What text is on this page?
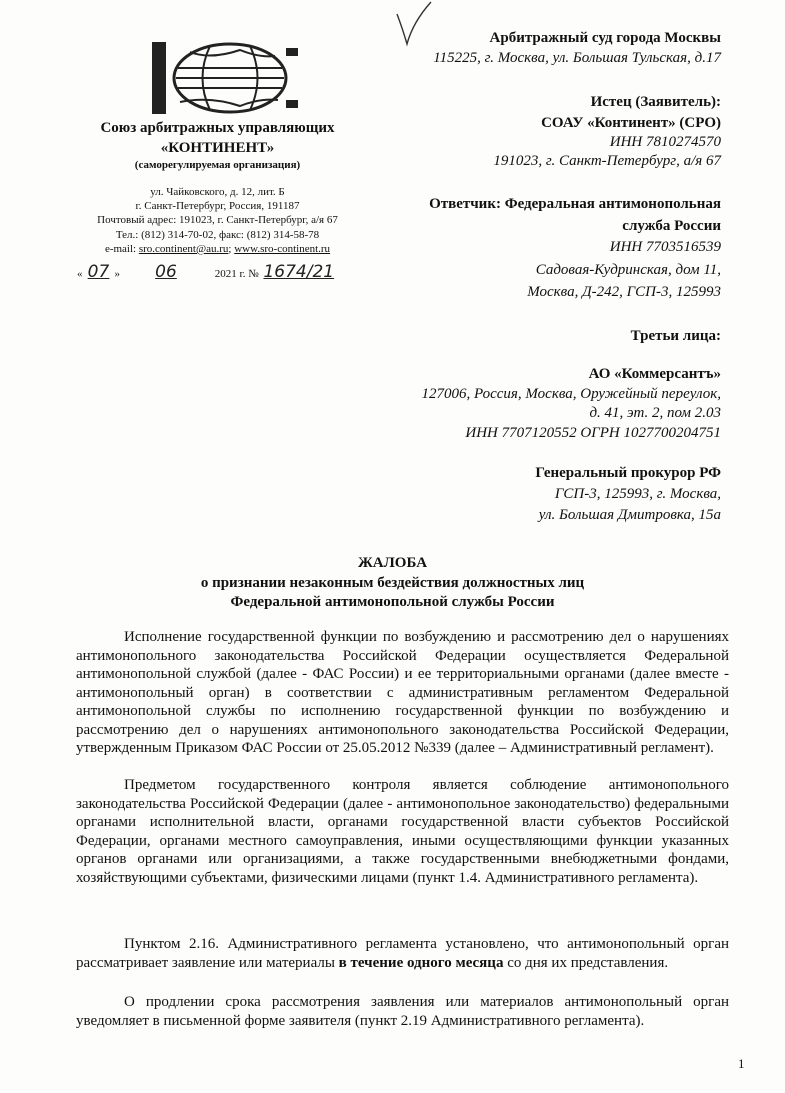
Союз арбитражных управляющих
«КОНТИНЕНТ»
(саморегулируемая организация)
ул. Чайковского, д. 12, лит. Б
г. Санкт-Петербург, Россия, 191187
Почтовый адрес: 191023, г. Санкт-Петербург, а/я 67
Тел.: (812) 314-70-02, факс: (812) 314-58-78
e-mail: sro.continent@au.ru; www.sro-continent.ru
« 07 » 06	2021 г. № 1674/21
Арбитражный суд города Москвы
115225, г. Москва, ул. Большая Тульская, д.17
Истец (Заявитель):
СОАУ «Континент» (СРО)
ИНН 7810274570
191023, г. Санкт-Петербург, а/я 67
Ответчик: Федеральная антимонопольная
служба России
ИНН 7703516539
Садовая-Кудринская, дом 11,
Москва, Д-242, ГСП-3, 125993
Третьи лица:
АО «Коммерсантъ»
127006, Россия, Москва, Оружейный переулок,
д. 41, эт. 2, пом 2.03
ИНН 7707120552 ОГРН 1027700204751
Генеральный прокурор РФ
ГСП-3, 125993, г. Москва,
ул. Большая Дмитровка, 15а
ЖАЛОБА
о признании незаконным бездействия должностных лиц
Федеральной антимонопольной службы России
Исполнение государственной функции по возбуждению и рассмотрению дел о нарушениях антимонопольного законодательства Российской Федерации осуществляется Федеральной антимонопольной службой (далее - ФАС России) и ее территориальными органами (далее вместе - антимонопольный орган) в соответствии с административным регламентом Федеральной антимонопольной службы по исполнению государственной функции по возбуждению и рассмотрению дел о нарушениях антимонопольного законодательства Российской Федерации, утвержденным Приказом ФАС России от 25.05.2012 №339 (далее – Административный регламент).
Предметом государственного контроля является соблюдение антимонопольного законодательства Российской Федерации (далее - антимонопольное законодательство) федеральными органами исполнительной власти, органами государственной власти субъектов Российской Федерации, органами местного самоуправления, иными осуществляющими функции указанных органов органами или организациями, а также государственными внебюджетными фондами, хозяйствующими субъектами, физическими лицами (пункт 1.4. Административного регламента).
Пунктом 2.16. Административного регламента установлено, что антимонопольный орган рассматривает заявление или материалы в течение одного месяца со дня их представления.
О продлении срока рассмотрения заявления или материалов антимонопольный орган уведомляет в письменной форме заявителя (пункт 2.19 Административного регламента).
1
